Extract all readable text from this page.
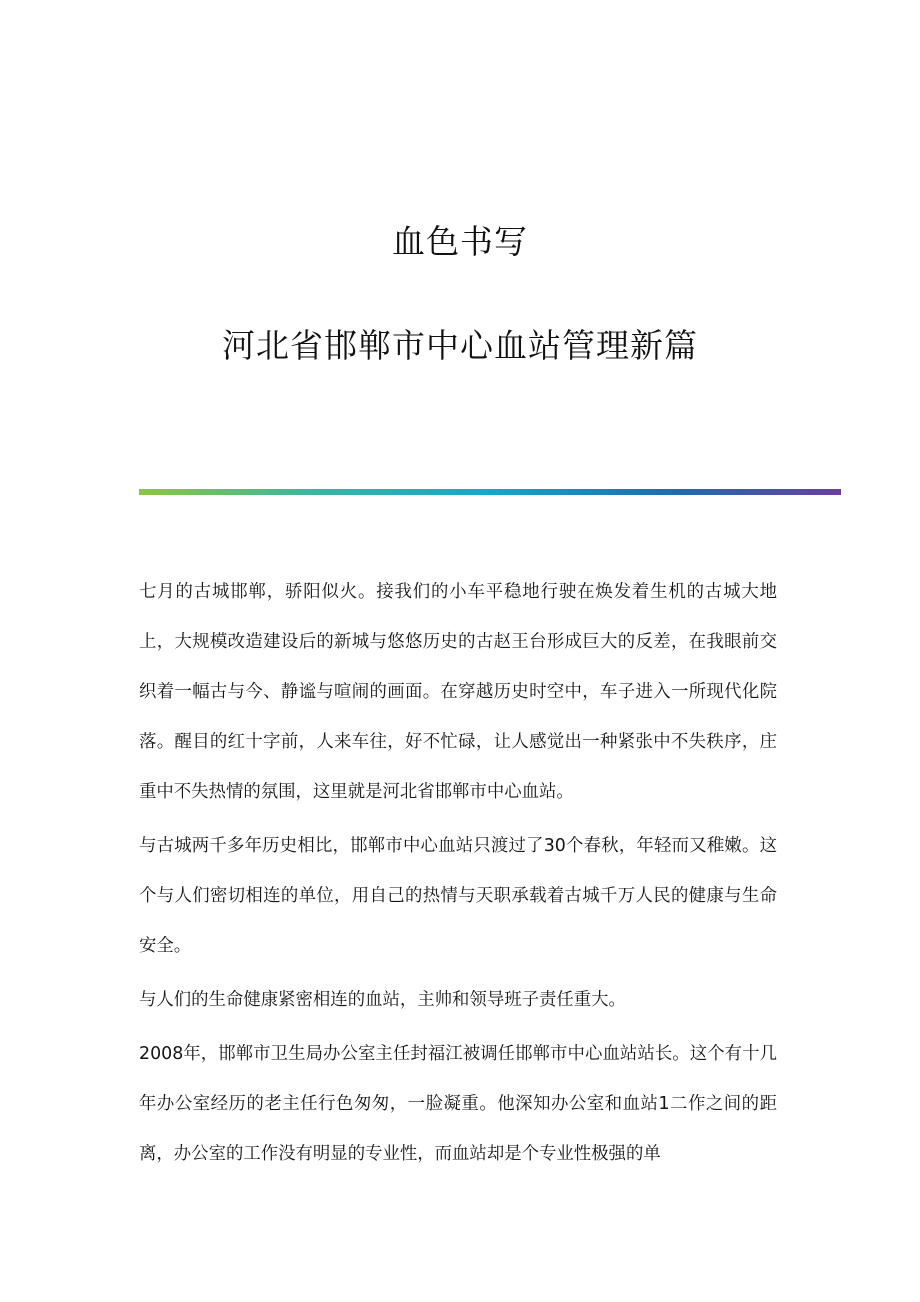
血色书写
河北省邯郸市中心血站管理新篇

七月的古城邯郸，骄阳似火。接我们的小车平稳地行驶在焕发着生机的古城大地上，大规模改造建设后的新城与悠悠历史的古赵王台形成巨大的反差，在我眼前交织着一幅古与今、静谧与喧闹的画面。在穿越历史时空中，车子进入一所现代化院落。醒目的红十字前，人来车往，好不忙碌，让人感觉出一种紧张中不失秩序，庄重中不失热情的氛围，这里就是河北省邯郸市中心血站。

与古城两千多年历史相比，邯郸市中心血站只渡过了30个春秋，年轻而又稚嫩。这个与人们密切相连的单位，用自己的热情与天职承载着古城千万人民的健康与生命安全。

与人们的生命健康紧密相连的血站，主帅和领导班子责任重大。

2008年，邯郸市卫生局办公室主任封福江被调任邯郸市中心血站站长。这个有十几年办公室经历的老主任行色匆匆，一脸凝重。他深知办公室和血站1二作之间的距离，办公室的工作没有明显的专业性，而血站却是个专业性极强的单
